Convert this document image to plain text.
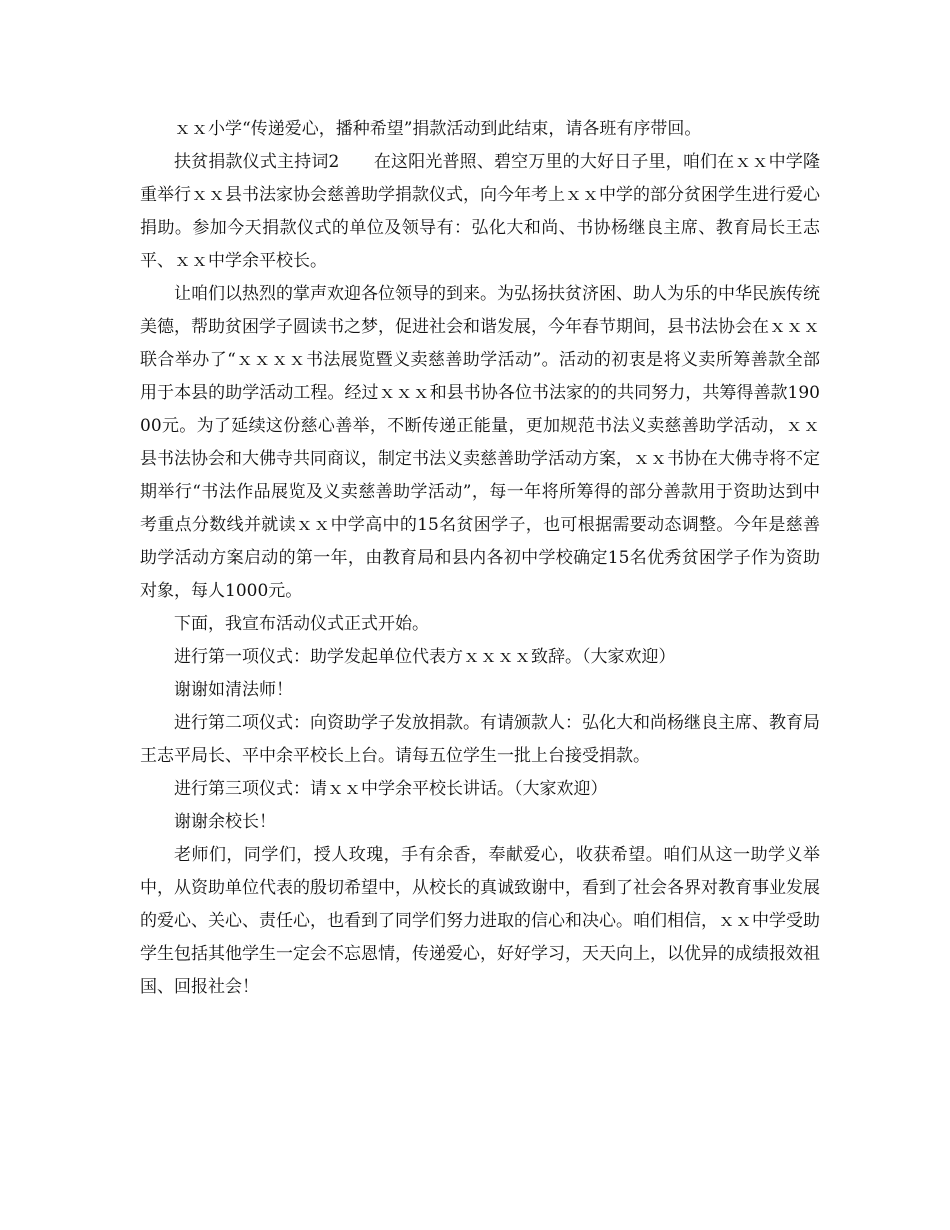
ｘｘ小学“传递爱心，播种希望”捐款活动到此结束，请各班有序带回。

扶贫捐款仪式主持词2　　在这阳光普照、碧空万里的大好日子里，咱们在ｘｘ中学隆重举行ｘｘ县书法家协会慈善助学捐款仪式，向今年考上ｘｘ中学的部分贫困学生进行爱心捐助。参加今天捐款仪式的单位及领导有：弘化大和尚、书协杨继良主席、教育局长王志平、ｘｘ中学余平校长。

让咱们以热烈的掌声欢迎各位领导的到来。为弘扬扶贫济困、助人为乐的中华民族传统美德，帮助贫困学子圆读书之梦，促进社会和谐发展，今年春节期间，县书法协会在ｘｘｘ联合举办了“ｘｘｘｘ书法展览暨义卖慈善助学活动”。活动的初衷是将义卖所筹善款全部用于本县的助学活动工程。经过ｘｘｘ和县书协各位书法家的的共同努力，共筹得善款19000元。为了延续这份慈心善举，不断传递正能量，更加规范书法义卖慈善助学活动，ｘｘ县书法协会和大佛寺共同商议，制定书法义卖慈善助学活动方案，ｘｘ书协在大佛寺将不定期举行“书法作品展览及义卖慈善助学活动”，每一年将所筹得的部分善款用于资助达到中考重点分数线并就读ｘｘ中学高中的15名贫困学子，也可根据需要动态调整。今年是慈善助学活动方案启动的第一年，由教育局和县内各初中学校确定15名优秀贫困学子作为资助对象，每人1000元。

下面，我宣布活动仪式正式开始。

进行第一项仪式：助学发起单位代表方ｘｘｘｘ致辞。（大家欢迎）

谢谢如清法师！

进行第二项仪式：向资助学子发放捐款。有请颁款人：弘化大和尚杨继良主席、教育局王志平局长、平中余平校长上台。请每五位学生一批上台接受捐款。

进行第三项仪式：请ｘｘ中学余平校长讲话。（大家欢迎）

谢谢余校长！

老师们，同学们，授人玫瑰，手有余香，奉献爱心，收获希望。咱们从这一助学义举中，从资助单位代表的殷切希望中，从校长的真诚致谢中，看到了社会各界对教育事业发展的爱心、关心、责任心，也看到了同学们努力进取的信心和决心。咱们相信，ｘｘ中学受助学生包括其他学生一定会不忘恩情，传递爱心，好好学习，天天向上，以优异的成绩报效祖国、回报社会！
